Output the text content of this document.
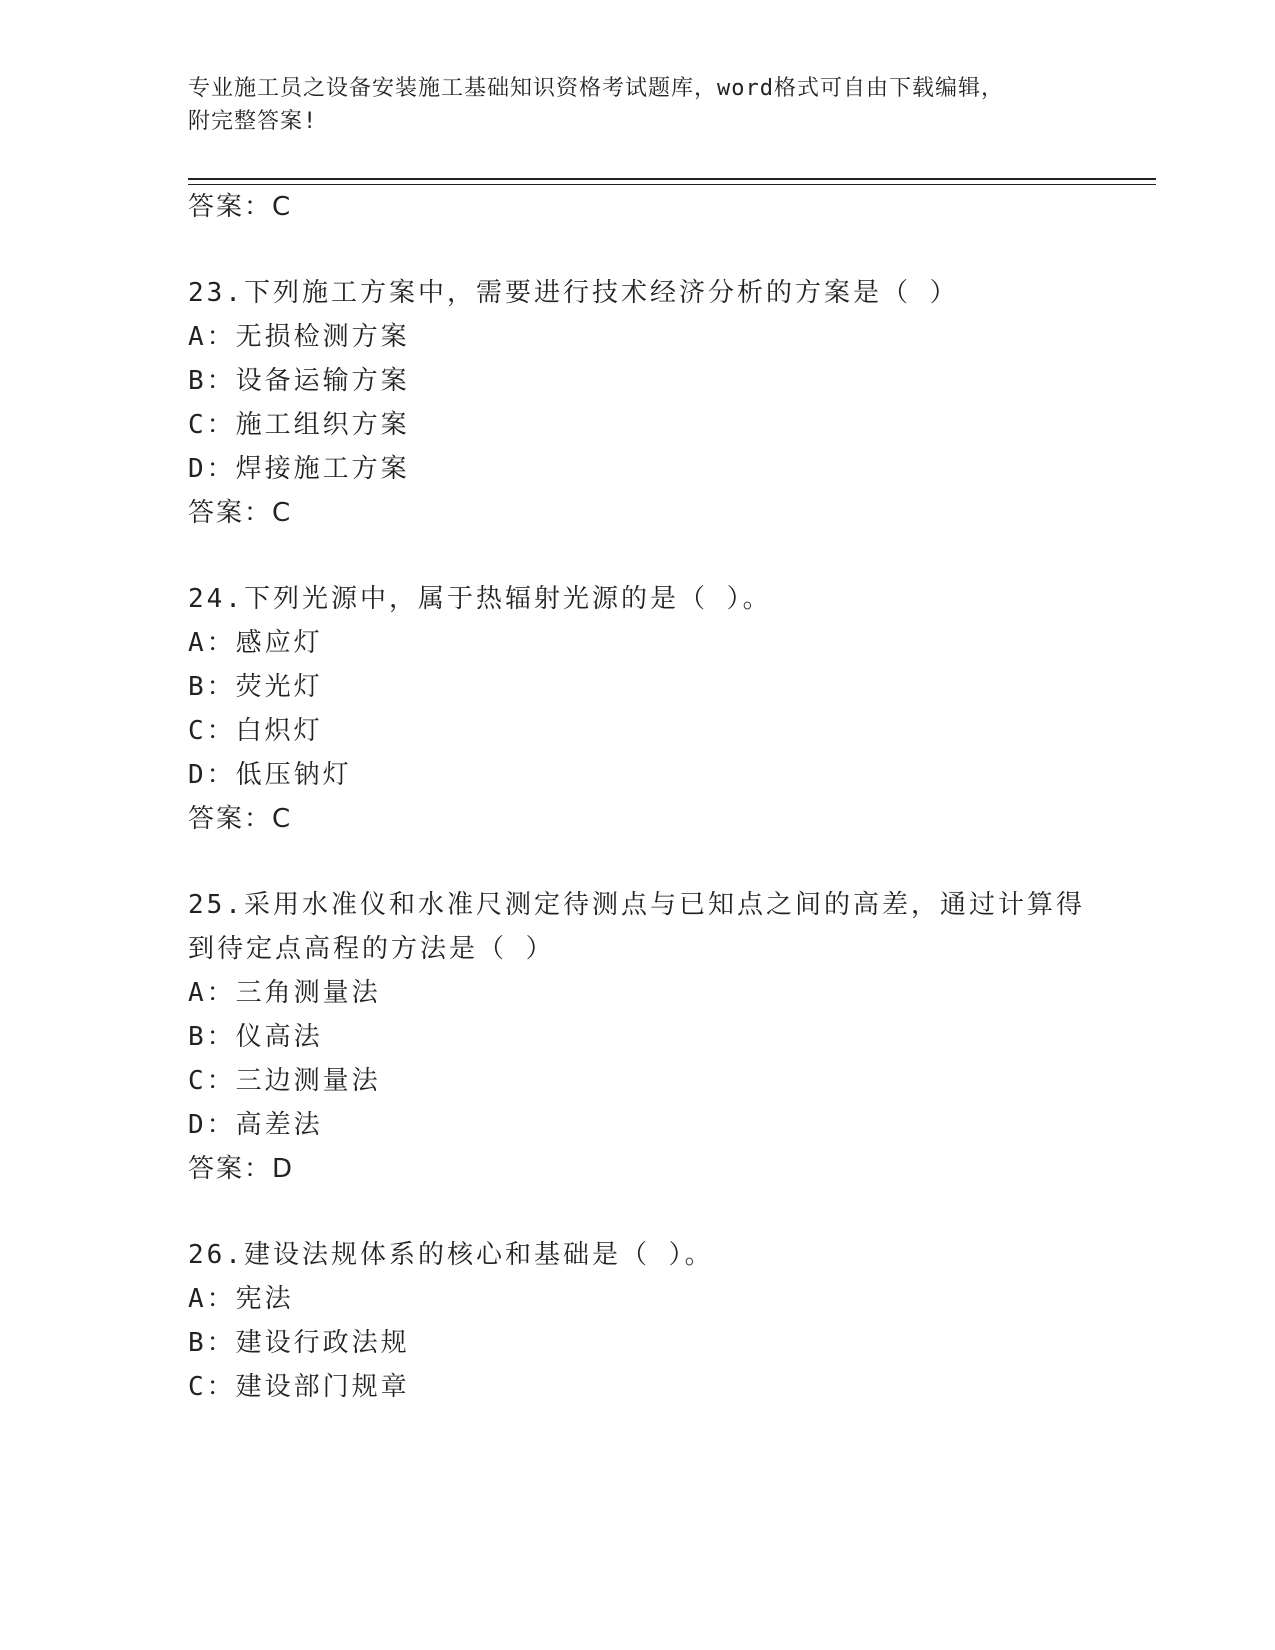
专业施工员之设备安装施工基础知识资格考试题库，word格式可自由下载编辑，
附完整答案!
答案：C
23.下列施工方案中，需要进行技术经济分析的方案是（ ）
A：无损检测方案
B：设备运输方案
C：施工组织方案
D：焊接施工方案
答案：C
24.下列光源中，属于热辐射光源的是（ ）。
A：感应灯
B：荧光灯
C：白炽灯
D：低压钠灯
答案：C
25.采用水准仪和水准尺测定待测点与已知点之间的高差，通过计算得
到待定点高程的方法是（ ）
A：三角测量法
B：仪高法
C：三边测量法
D：高差法
答案：D
26.建设法规体系的核心和基础是（ ）。
A：宪法
B：建设行政法规
C：建设部门规章
